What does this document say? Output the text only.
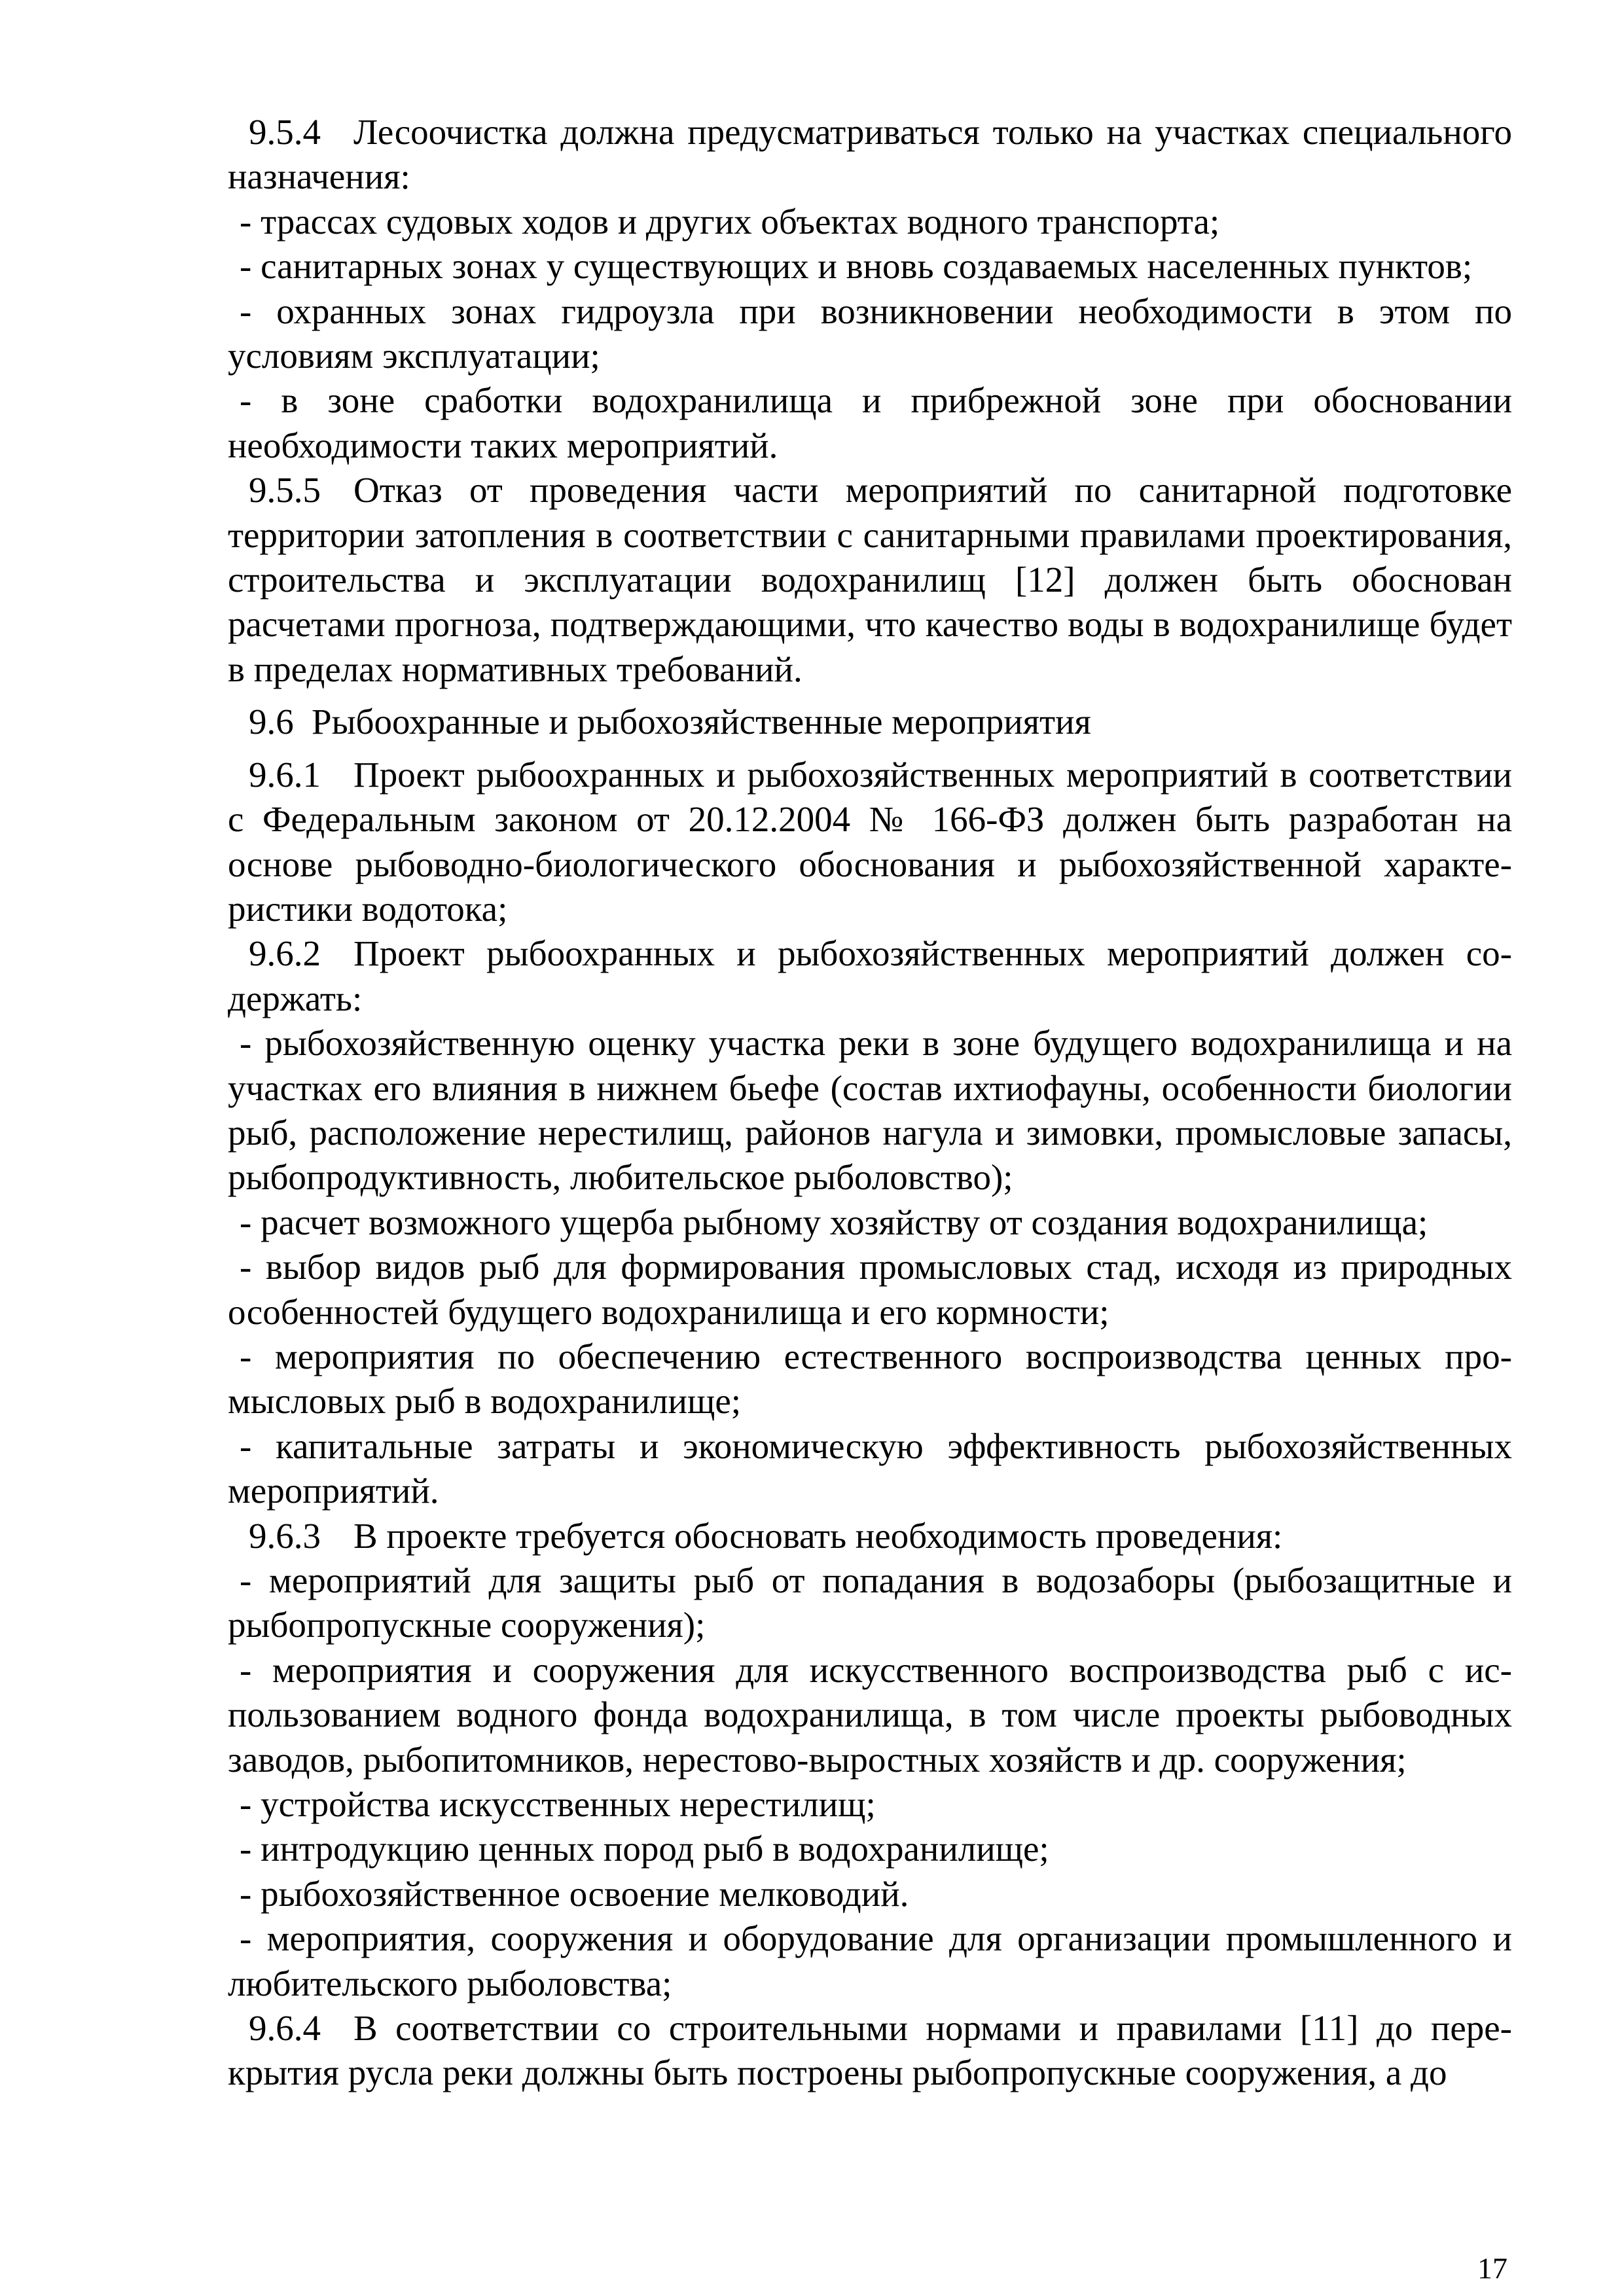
9.5.4 Лесоочистка должна предусматриваться только на участках специального назначения:

- трассах судовых ходов и других объектах водного транспорта;

- санитарных зонах у существующих и вновь создаваемых населенных пунктов;

- охранных зонах гидроузла при возникновении необходимости в этом по условиям эксплуатации;

- в зоне сработки водохранилища и прибрежной зоне при обосновании необходимости таких мероприятий.

9.5.5 Отказ от проведения части мероприятий по санитарной подготовке территории затопления в соответствии с санитарными правилами проектирования, строительства и эксплуатации водохранилищ [12] должен быть обоснован расчетами прогноза, подтверждающими, что качество воды в водохранилище будет в пределах нормативных требований.

9.6 Рыбоохранные и рыбохозяйственные мероприятия

9.6.1 Проект рыбоохранных и рыбохозяйственных мероприятий в соответствии с Федеральным законом от 20.12.2004 № 166-ФЗ должен быть разработан на основе рыбоводно-биологического обоснования и рыбохозяйственной характеристики водотока;

9.6.2 Проект рыбоохранных и рыбохозяйственных мероприятий должен содержать:

- рыбохозяйственную оценку участка реки в зоне будущего водохранилища и на участках его влияния в нижнем бьефе (состав ихтиофауны, особенности биологии рыб, расположение нерестилищ, районов нагула и зимовки, промысловые запасы, рыбопродуктивность, любительское рыболовство);

- расчет возможного ущерба рыбному хозяйству от создания водохранилища;

- выбор видов рыб для формирования промысловых стад, исходя из природных особенностей будущего водохранилища и его кормности;

- мероприятия по обеспечению естественного воспроизводства ценных промысловых рыб в водохранилище;

- капитальные затраты и экономическую эффективность рыбохозяйственных мероприятий.

9.6.3 В проекте требуется обосновать необходимость проведения:

- мероприятий для защиты рыб от попадания в водозаборы (рыбозащитные и рыбопропускные сооружения);

- мероприятия и сооружения для искусственного воспроизводства рыб с использованием водного фонда водохранилища, в том числе проекты рыбоводных заводов, рыбопитомников, нерестово-выростных хозяйств и др. сооружения;

- устройства искусственных нерестилищ;

- интродукцию ценных пород рыб в водохранилище;

- рыбохозяйственное освоение мелководий.

- мероприятия, сооружения и оборудование для организации промышленного и любительского рыболовства;

9.6.4 В соответствии со строительными нормами и правилами [11] до перекрытия русла реки должны быть построены рыбопропускные сооружения, а до

17
